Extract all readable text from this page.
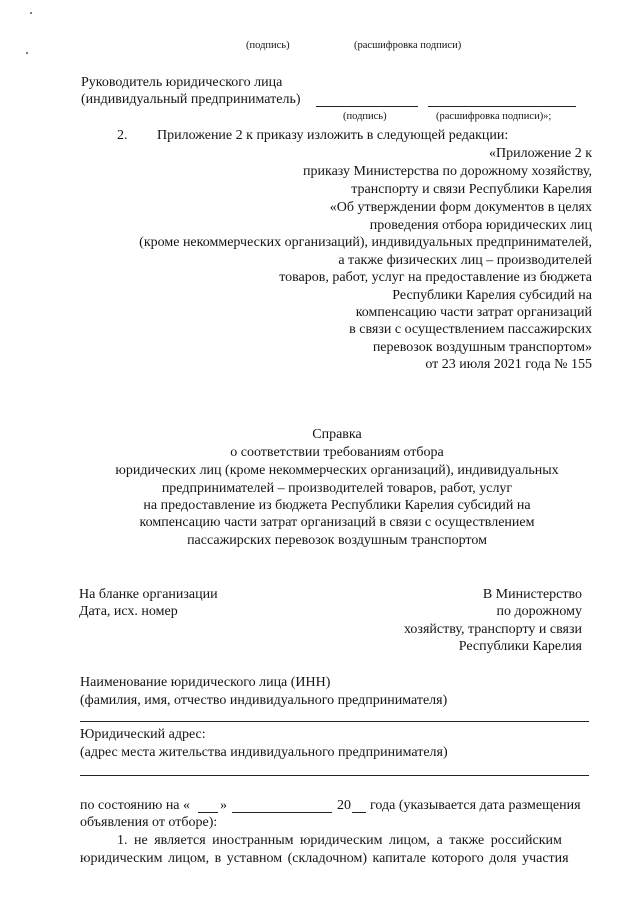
(подпись)	(расшифровка подписи)
Руководитель юридического лица
(индивидуальный предприниматель)
(подпись)	(расшифровка подписи)»;
2. Приложение 2 к приказу изложить в следующей редакции:
«Приложение 2 к
приказу Министерства по дорожному хозяйству,
транспорту и связи Республики Карелия
«Об утверждении форм документов в целях
проведения отбора юридических лиц
(кроме некоммерческих организаций), индивидуальных предпринимателей,
а также физических лиц – производителей
товаров, работ, услуг на предоставление из бюджета
Республики Карелия субсидий на
компенсацию части затрат организаций
в связи с осуществлением пассажирских
перевозок воздушным транспортом»
от 23 июля 2021 года № 155
Справка
о соответствии требованиям отбора
юридических лиц (кроме некоммерческих организаций), индивидуальных
предпринимателей – производителей товаров, работ, услуг
на предоставление из бюджета Республики Карелия субсидий на
компенсацию части затрат организаций в связи с осуществлением
пассажирских перевозок воздушным транспортом
На бланке организации
Дата, исх. номер
В Министерство
по дорожному
хозяйству, транспорту и связи
Республики Карелия
Наименование юридического лица (ИНН)
(фамилия, имя, отчество индивидуального предпринимателя)
Юридический адрес:
(адрес места жительства индивидуального предпринимателя)
по состоянию на « »	20 года (указывается дата размещения
объявления от отборе):
1. не является иностранным юридическим лицом, а также российским
юридическим лицом, в уставном (складочном) капитале которого доля участия
